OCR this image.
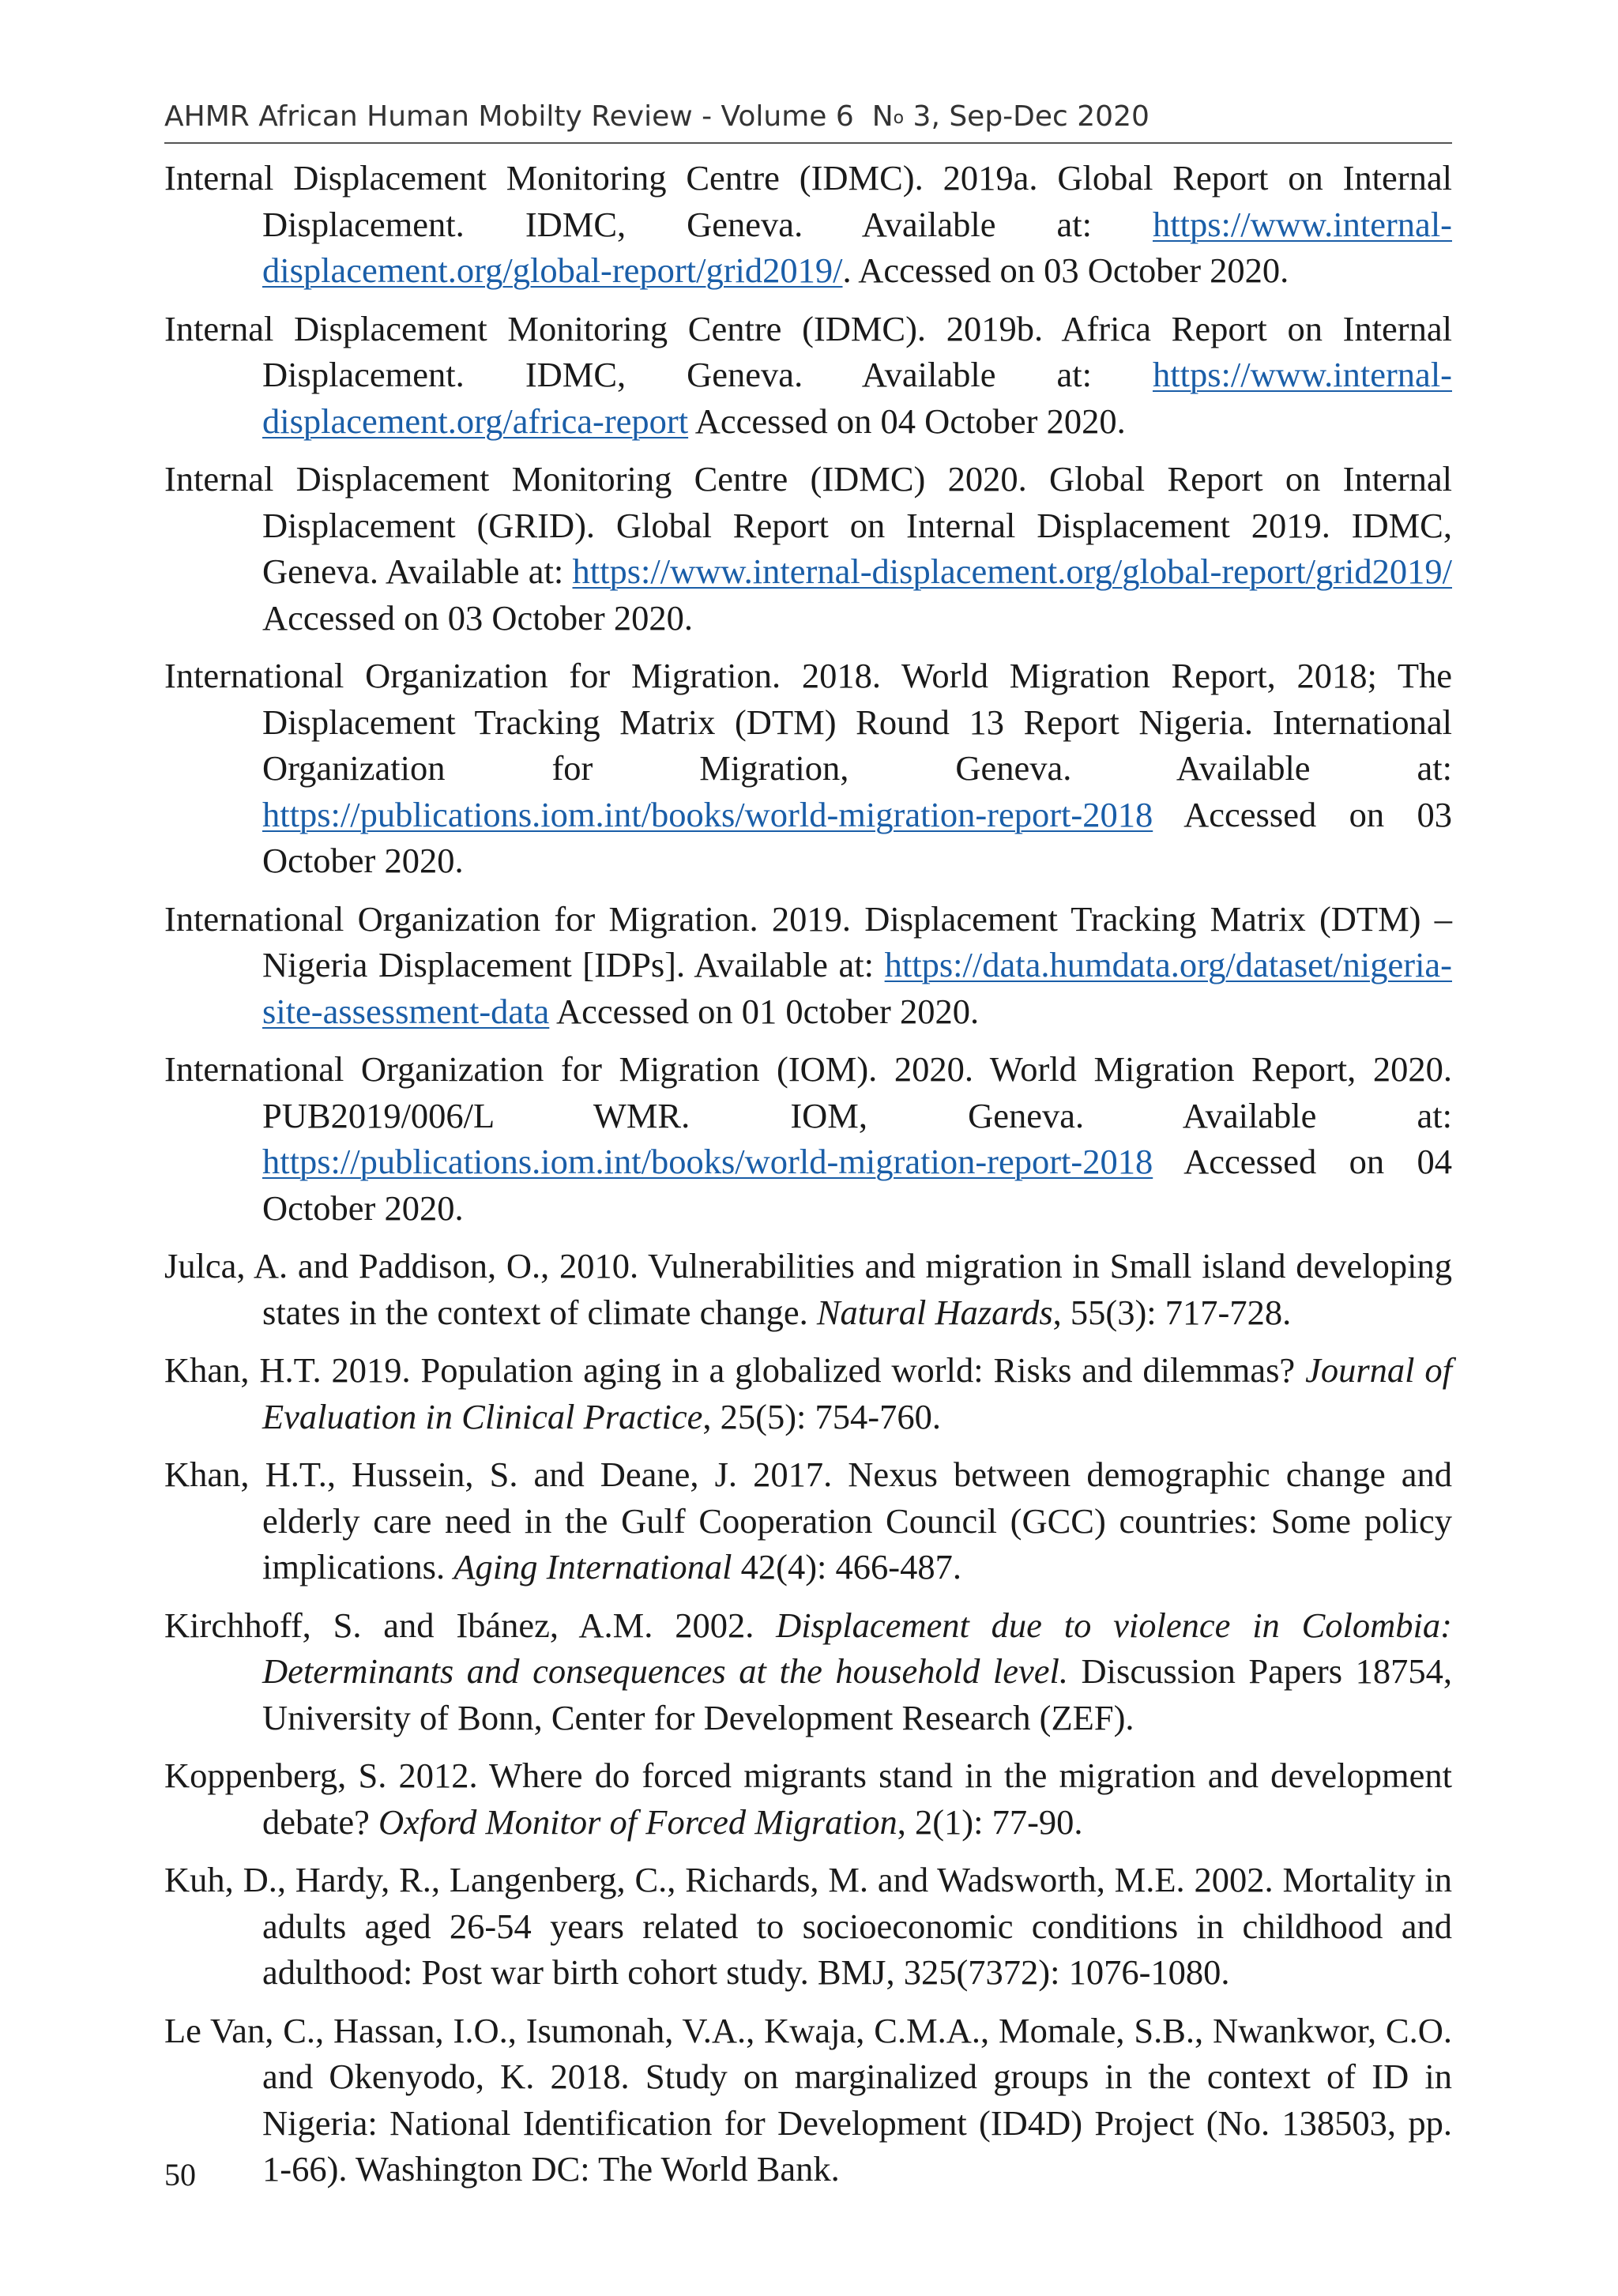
AHMR African Human Mobilty Review - Volume 6 $N^o$ 3, Sep-Dec 2020
Internal Displacement Monitoring Centre (IDMC). 2019a. Global Report on Internal Displacement. IDMC, Geneva. Available at: https://www.internal-displacement.org/global-report/grid2019/. Accessed on 03 October 2020.
Internal Displacement Monitoring Centre (IDMC). 2019b. Africa Report on Internal Displacement. IDMC, Geneva. Available at: https://www.internal-displacement.org/africa-report Accessed on 04 October 2020.
Internal Displacement Monitoring Centre (IDMC) 2020. Global Report on Internal Displacement (GRID). Global Report on Internal Displacement 2019. IDMC, Geneva. Available at: https://www.internal-displacement.org/global-report/grid2019/ Accessed on 03 October 2020.
International Organization for Migration. 2018. World Migration Report, 2018; The Displacement Tracking Matrix (DTM) Round 13 Report Nigeria. International Organization for Migration, Geneva. Available at: https://publications.iom.int/books/world-migration-report-2018 Accessed on 03 October 2020.
International Organization for Migration. 2019. Displacement Tracking Matrix (DTM) – Nigeria Displacement [IDPs]. Available at: https://data.humdata.org/dataset/nigeria-site-assessment-data Accessed on 01 0ctober 2020.
International Organization for Migration (IOM). 2020. World Migration Report, 2020. PUB2019/006/L WMR. IOM, Geneva. Available at: https://publications.iom.int/books/world-migration-report-2018 Accessed on 04 October 2020.
Julca, A. and Paddison, O., 2010. Vulnerabilities and migration in Small island developing states in the context of climate change. Natural Hazards, 55(3): 717-728.
Khan, H.T. 2019. Population aging in a globalized world: Risks and dilemmas? Journal of Evaluation in Clinical Practice, 25(5): 754-760.
Khan, H.T., Hussein, S. and Deane, J. 2017. Nexus between demographic change and elderly care need in the Gulf Cooperation Council (GCC) countries: Some policy implications. Aging International 42(4): 466-487.
Kirchhoff, S. and Ibánez, A.M. 2002. Displacement due to violence in Colombia: Determinants and consequences at the household level. Discussion Papers 18754, University of Bonn, Center for Development Research (ZEF).
Koppenberg, S. 2012. Where do forced migrants stand in the migration and development debate? Oxford Monitor of Forced Migration, 2(1): 77-90.
Kuh, D., Hardy, R., Langenberg, C., Richards, M. and Wadsworth, M.E. 2002. Mortality in adults aged 26-54 years related to socioeconomic conditions in childhood and adulthood: Post war birth cohort study. BMJ, 325(7372): 1076-1080.
Le Van, C., Hassan, I.O., Isumonah, V.A., Kwaja, C.M.A., Momale, S.B., Nwankwor, C.O. and Okenyodo, K. 2018. Study on marginalized groups in the context of ID in Nigeria: National Identification for Development (ID4D) Project (No. 138503, pp. 1-66). Washington DC: The World Bank.
50
